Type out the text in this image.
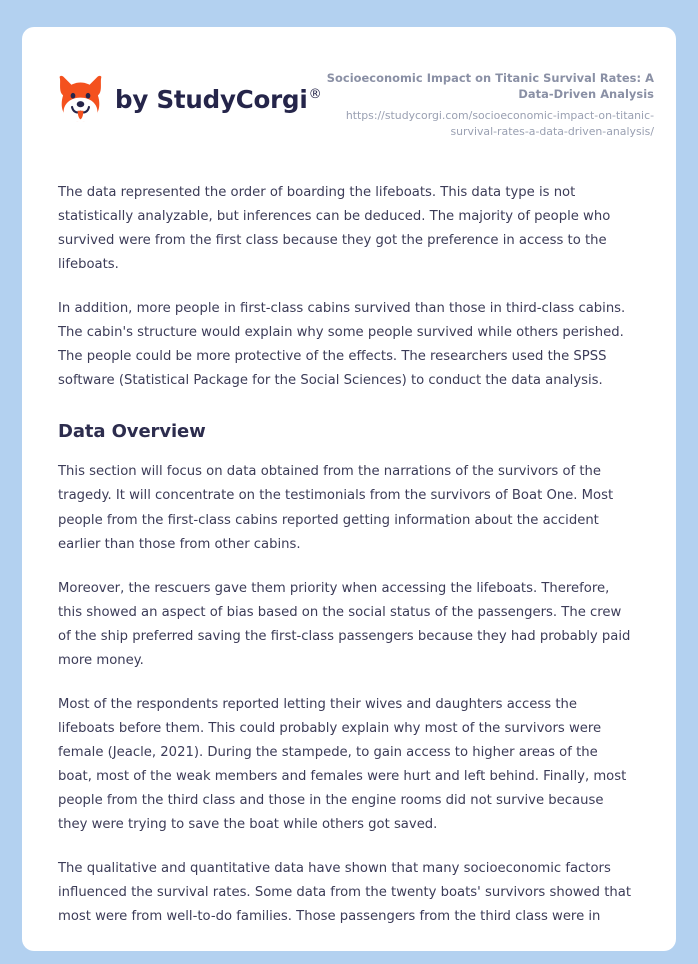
by StudyCorgi®

Socioeconomic Impact on Titanic Survival Rates: A Data-Driven Analysis

https://studycorgi.com/socioeconomic-impact-on-titanic-survival-rates-a-data-driven-analysis/

The data represented the order of boarding the lifeboats. This data type is not statistically analyzable, but inferences can be deduced. The majority of people who survived were from the first class because they got the preference in access to the lifeboats.

In addition, more people in first-class cabins survived than those in third-class cabins. The cabin's structure would explain why some people survived while others perished. The people could be more protective of the effects. The researchers used the SPSS software (Statistical Package for the Social Sciences) to conduct the data analysis.

Data Overview

This section will focus on data obtained from the narrations of the survivors of the tragedy. It will concentrate on the testimonials from the survivors of Boat One. Most people from the first-class cabins reported getting information about the accident earlier than those from other cabins.

Moreover, the rescuers gave them priority when accessing the lifeboats. Therefore, this showed an aspect of bias based on the social status of the passengers. The crew of the ship preferred saving the first-class passengers because they had probably paid more money.

Most of the respondents reported letting their wives and daughters access the lifeboats before them. This could probably explain why most of the survivors were female (Jeacle, 2021). During the stampede, to gain access to higher areas of the boat, most of the weak members and females were hurt and left behind. Finally, most people from the third class and those in the engine rooms did not survive because they were trying to save the boat while others got saved.

The qualitative and quantitative data have shown that many socioeconomic factors influenced the survival rates. Some data from the twenty boats' survivors showed that most were from well-to-do families. Those passengers from the third class were in
